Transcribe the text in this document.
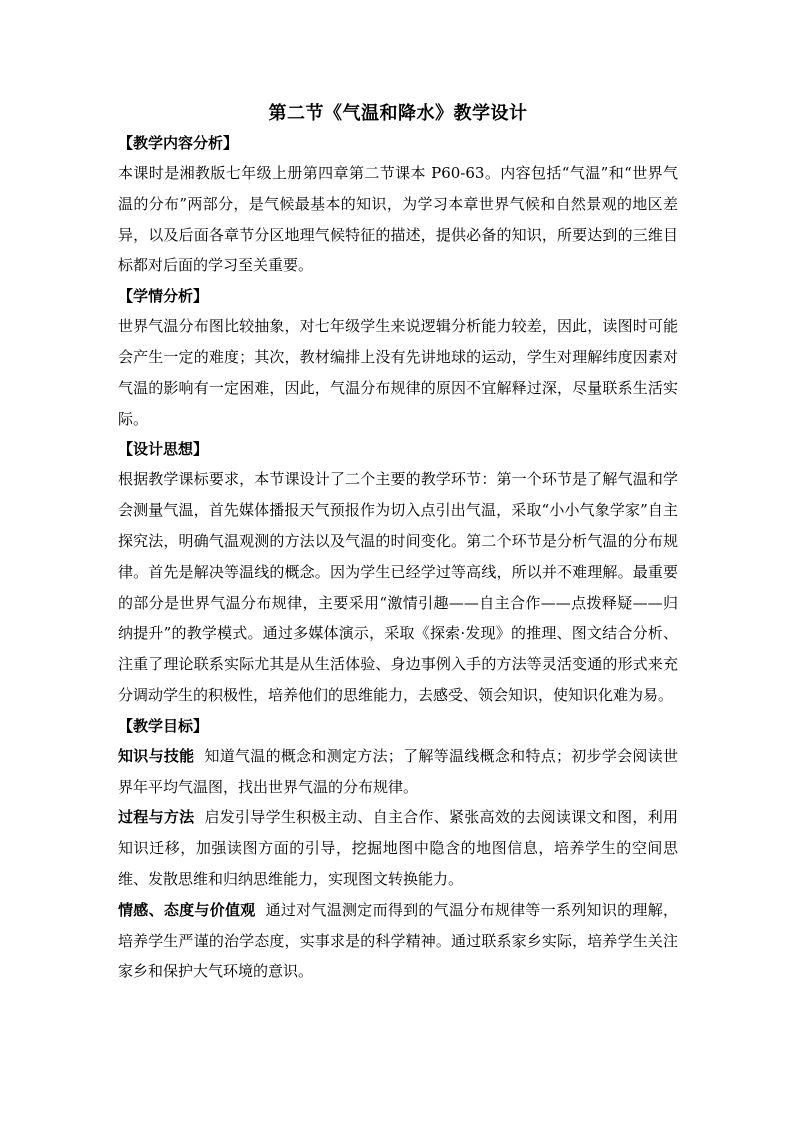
第二节《气温和降水》教学设计
【教学内容分析】

本课时是湘教版七年级上册第四章第二节课本 P60-63。内容包括“气温”和“世界气温的分布”两部分，是气候最基本的知识，为学习本章世界气候和自然景观的地区差异，以及后面各章节分区地理气候特征的描述，提供必备的知识，所要达到的三维目标都对后面的学习至关重要。

【学情分析】

世界气温分布图比较抽象，对七年级学生来说逻辑分析能力较差，因此，读图时可能会产生一定的难度；其次，教材编排上没有先讲地球的运动，学生对理解纬度因素对气温的影响有一定困难，因此，气温分布规律的原因不宜解释过深，尽量联系生活实际。

【设计思想】

根据教学课标要求，本节课设计了二个主要的教学环节：第一个环节是了解气温和学会测量气温，首先媒体播报天气预报作为切入点引出气温，采取“小小气象学家”自主探究法，明确气温观测的方法以及气温的时间变化。第二个环节是分析气温的分布规律。首先是解决等温线的概念。因为学生已经学过等高线，所以并不难理解。最重要的部分是世界气温分布规律，主要采用“激情引趣——自主合作——点拨释疑——归纳提升”的教学模式。通过多媒体演示，采取《探索·发现》的推理、图文结合分析、注重了理论联系实际尤其是从生活体验、身边事例入手的方法等灵活变通的形式来充分调动学生的积极性，培养他们的思维能力，去感受、领会知识，使知识化难为易。

【教学目标】

知识与技能 知道气温的概念和测定方法；了解等温线概念和特点；初步学会阅读世界年平均气温图，找出世界气温的分布规律。

过程与方法 启发引导学生积极主动、自主合作、紧张高效的去阅读课文和图，利用知识迁移，加强读图方面的引导，挖掘地图中隐含的地图信息，培养学生的空间思维、发散思维和归纳思维能力，实现图文转换能力。

情感、态度与价值观 通过对气温测定而得到的气温分布规律等一系列知识的理解，培养学生严谨的治学态度，实事求是的科学精神。通过联系家乡实际，培养学生关注家乡和保护大气环境的意识。
